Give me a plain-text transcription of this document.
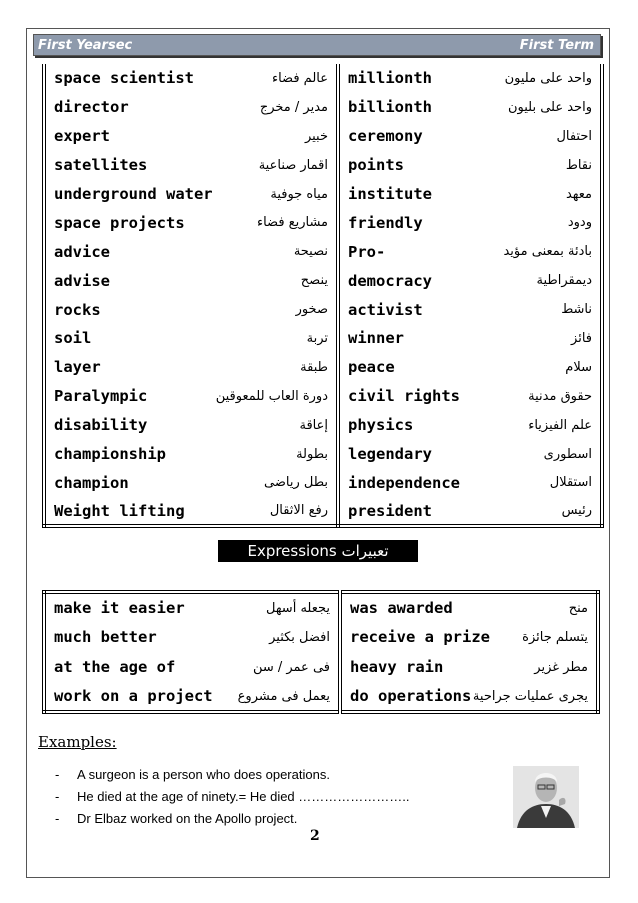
First Yearsec	First Term
space scientist	عالم فضاء	millionth	واحد على مليون
director	مدير / مخرج	billionth	واحد على بليون
expert	خبير	ceremony	احتفال
satellites	اقمار صناعية	points	نقاط
underground water	مياه جوفية	institute	معهد
space projects	مشاريع فضاء	friendly	ودود
advice	نصيحة	Pro-	بادئة بمعنى مؤيد
advise	ينصح	democracy	ديمقراطية
rocks	صخور	activist	ناشط
soil	تربة	winner	فائز
layer	طبقة	peace	سلام
Paralympic	دورة العاب للمعوقين	civil rights	حقوق مدنية
disability	إعاقة	physics	علم الفيزياء
championship	بطولة	legendary	اسطورى
champion	بطل رياضى	independence	استقلال
Weight lifting	رفع الاثقال	president	رئيس
Expressions تعبيرات
make it easier	يجعله أسهل	was awarded	منح
much better	افضل بكثير	receive a prize	يتسلم جائزة
at the age of	فى عمر / سن	heavy rain	مطر غزير
work on a project	يعمل فى مشروع	do operations	يجرى عمليات جراحية
Examples:
- A surgeon is a person who does operations.
- He died at the age of ninety.= He died ……………………..
- Dr Elbaz worked on the Apollo project.
2
